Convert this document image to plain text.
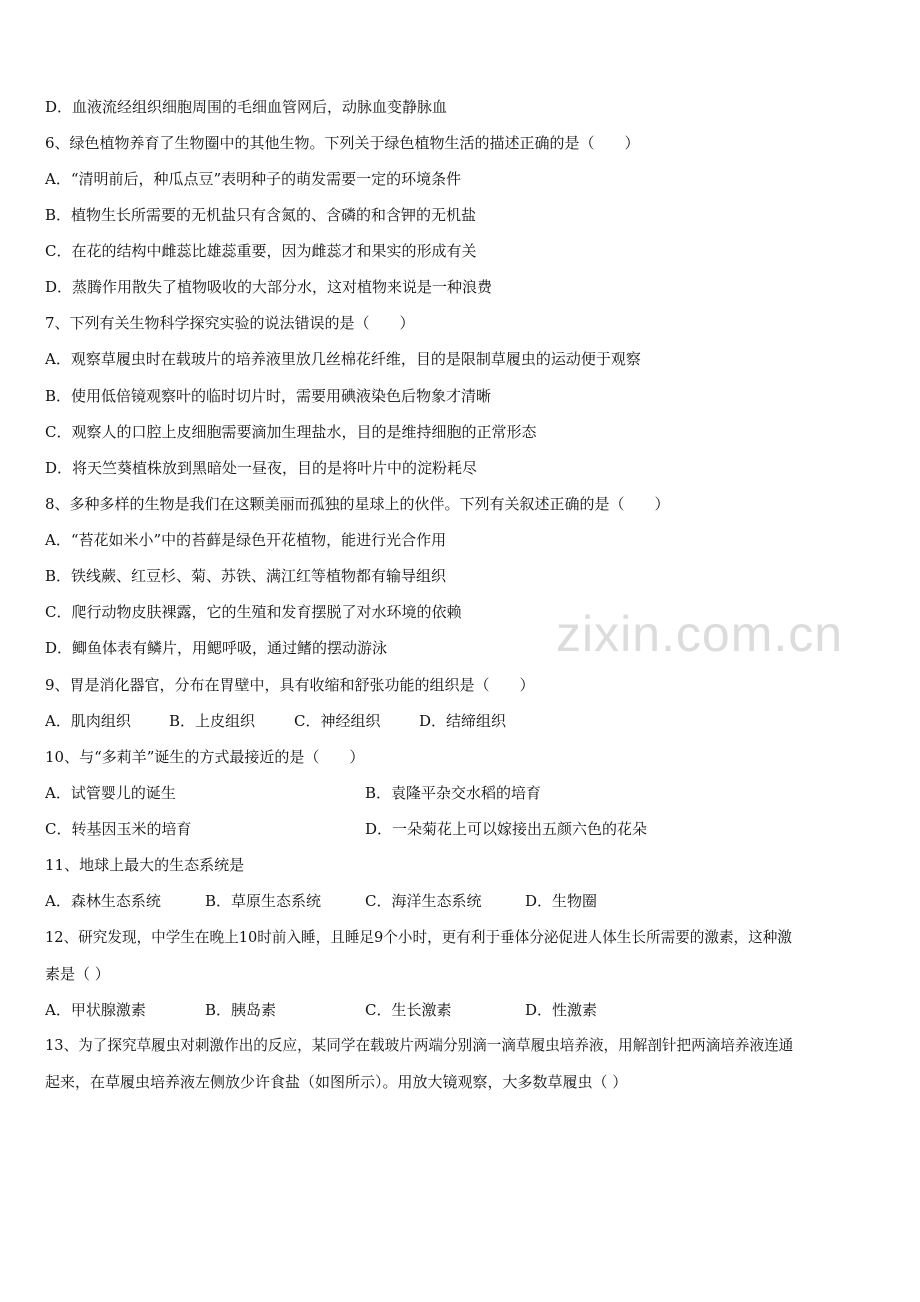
zixin.com.cn
D．血液流经组织细胞周围的毛细血管网后，动脉血变静脉血
6、绿色植物养育了生物圈中的其他生物。下列关于绿色植物生活的描述正确的是（　　）
A．“清明前后，种瓜点豆”表明种子的萌发需要一定的环境条件
B．植物生长所需要的无机盐只有含氮的、含磷的和含钾的无机盐
C．在花的结构中雌蕊比雄蕊重要，因为雌蕊才和果实的形成有关
D．蒸腾作用散失了植物吸收的大部分水，这对植物来说是一种浪费
7、下列有关生物科学探究实验的说法错误的是（　　）
A．观察草履虫时在载玻片的培养液里放几丝棉花纤维，目的是限制草履虫的运动便于观察
B．使用低倍镜观察叶的临时切片时，需要用碘液染色后物象才清晰
C．观察人的口腔上皮细胞需要滴加生理盐水，目的是维持细胞的正常形态
D．将天竺葵植株放到黑暗处一昼夜，目的是将叶片中的淀粉耗尽
8、多种多样的生物是我们在这颗美丽而孤独的星球上的伙伴。下列有关叙述正确的是（　　）
A．“苔花如米小”中的苔藓是绿色开花植物，能进行光合作用
B．铁线蕨、红豆杉、菊、苏铁、满江红等植物都有输导组织
C．爬行动物皮肤裸露，它的生殖和发育摆脱了对水环境的依赖
D．鲫鱼体表有鳞片，用鳃呼吸，通过鳍的摆动游泳
9、胃是消化器官，分布在胃壁中，具有收缩和舒张功能的组织是（　　）
A．肌肉组织	B．上皮组织	C．神经组织	D．结缔组织
10、与“多莉羊”诞生的方式最接近的是（　　）
A．试管婴儿的诞生	B．袁隆平杂交水稻的培育
C．转基因玉米的培育	D．一朵菊花上可以嫁接出五颜六色的花朵
11、地球上最大的生态系统是
A．森林生态系统	B．草原生态系统	C．海洋生态系统	D．生物圈
12、研究发现，中学生在晚上10时前入睡，且睡足9个小时，更有利于垂体分泌促进人体生长所需要的激素，这种激
素是（ ）
A．甲状腺激素	B．胰岛素	C．生长激素	D．性激素
13、为了探究草履虫对刺激作出的反应，某同学在载玻片两端分别滴一滴草履虫培养液，用解剖针把两滴培养液连通
起来，在草履虫培养液左侧放少许食盐（如图所示）。用放大镜观察，大多数草履虫（ ）
